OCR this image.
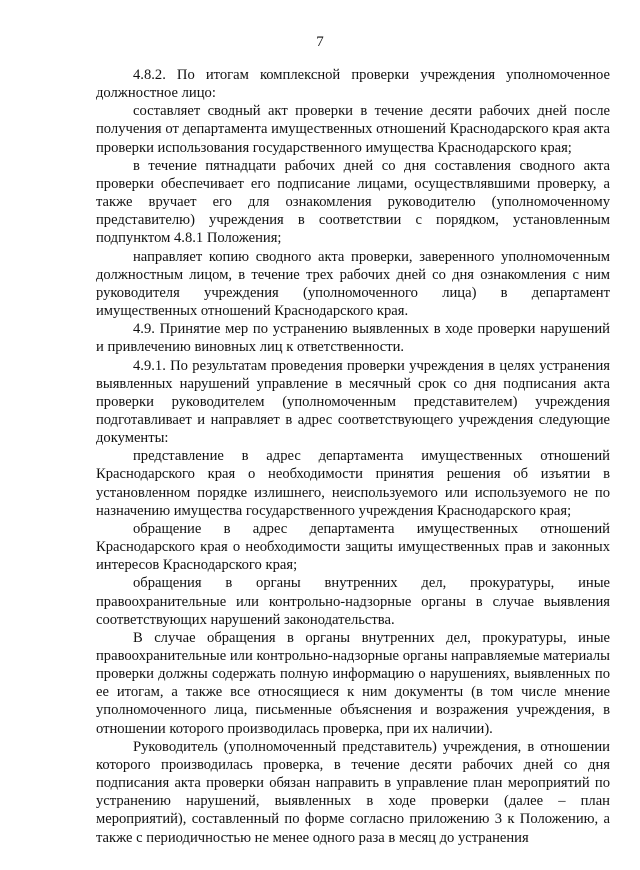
7

4.8.2. По итогам комплексной проверки учреждения уполномоченное должностное лицо:

составляет сводный акт проверки в течение десяти рабочих дней после получения от департамента имущественных отношений Краснодарского края акта проверки использования государственного имущества Краснодарского края;

в течение пятнадцати рабочих дней со дня составления сводного акта проверки обеспечивает его подписание лицами, осуществлявшими проверку, а также вручает его для ознакомления руководителю (уполномоченному представителю) учреждения в соответствии с порядком, установленным подпунктом 4.8.1 Положения;

направляет копию сводного акта проверки, заверенного уполномоченным должностным лицом, в течение трех рабочих дней со дня ознакомления с ним руководителя учреждения (уполномоченного лица) в департамент имущественных отношений Краснодарского края.

4.9. Принятие мер по устранению выявленных в ходе проверки нарушений и привлечению виновных лиц к ответственности.

4.9.1. По результатам проведения проверки учреждения в целях устранения выявленных нарушений управление в месячный срок со дня подписания акта проверки руководителем (уполномоченным представителем) учреждения подготавливает и направляет в адрес соответствующего учреждения следующие документы:

представление в адрес департамента имущественных отношений Краснодарского края о необходимости принятия решения об изъятии в установленном порядке излишнего, неиспользуемого или используемого не по назначению имущества государственного учреждения Краснодарского края;

обращение в адрес департамента имущественных отношений Краснодарского края о необходимости защиты имущественных прав и законных интересов Краснодарского края;

обращения в органы внутренних дел, прокуратуры, иные правоохранительные или контрольно-надзорные органы в случае выявления соответствующих нарушений законодательства.

В случае обращения в органы внутренних дел, прокуратуры, иные правоохранительные или контрольно-надзорные органы направляемые материалы проверки должны содержать полную информацию о нарушениях, выявленных по ее итогам, а также все относящиеся к ним документы (в том числе мнение уполномоченного лица, письменные объяснения и возражения учреждения, в отношении которого производилась проверка, при их наличии).

Руководитель (уполномоченный представитель) учреждения, в отношении которого производилась проверка, в течение десяти рабочих дней со дня подписания акта проверки обязан направить в управление план мероприятий по устранению нарушений, выявленных в ходе проверки (далее – план мероприятий), составленный по форме согласно приложению 3 к Положению, а также с периодичностью не менее одного раза в месяц до устранения
